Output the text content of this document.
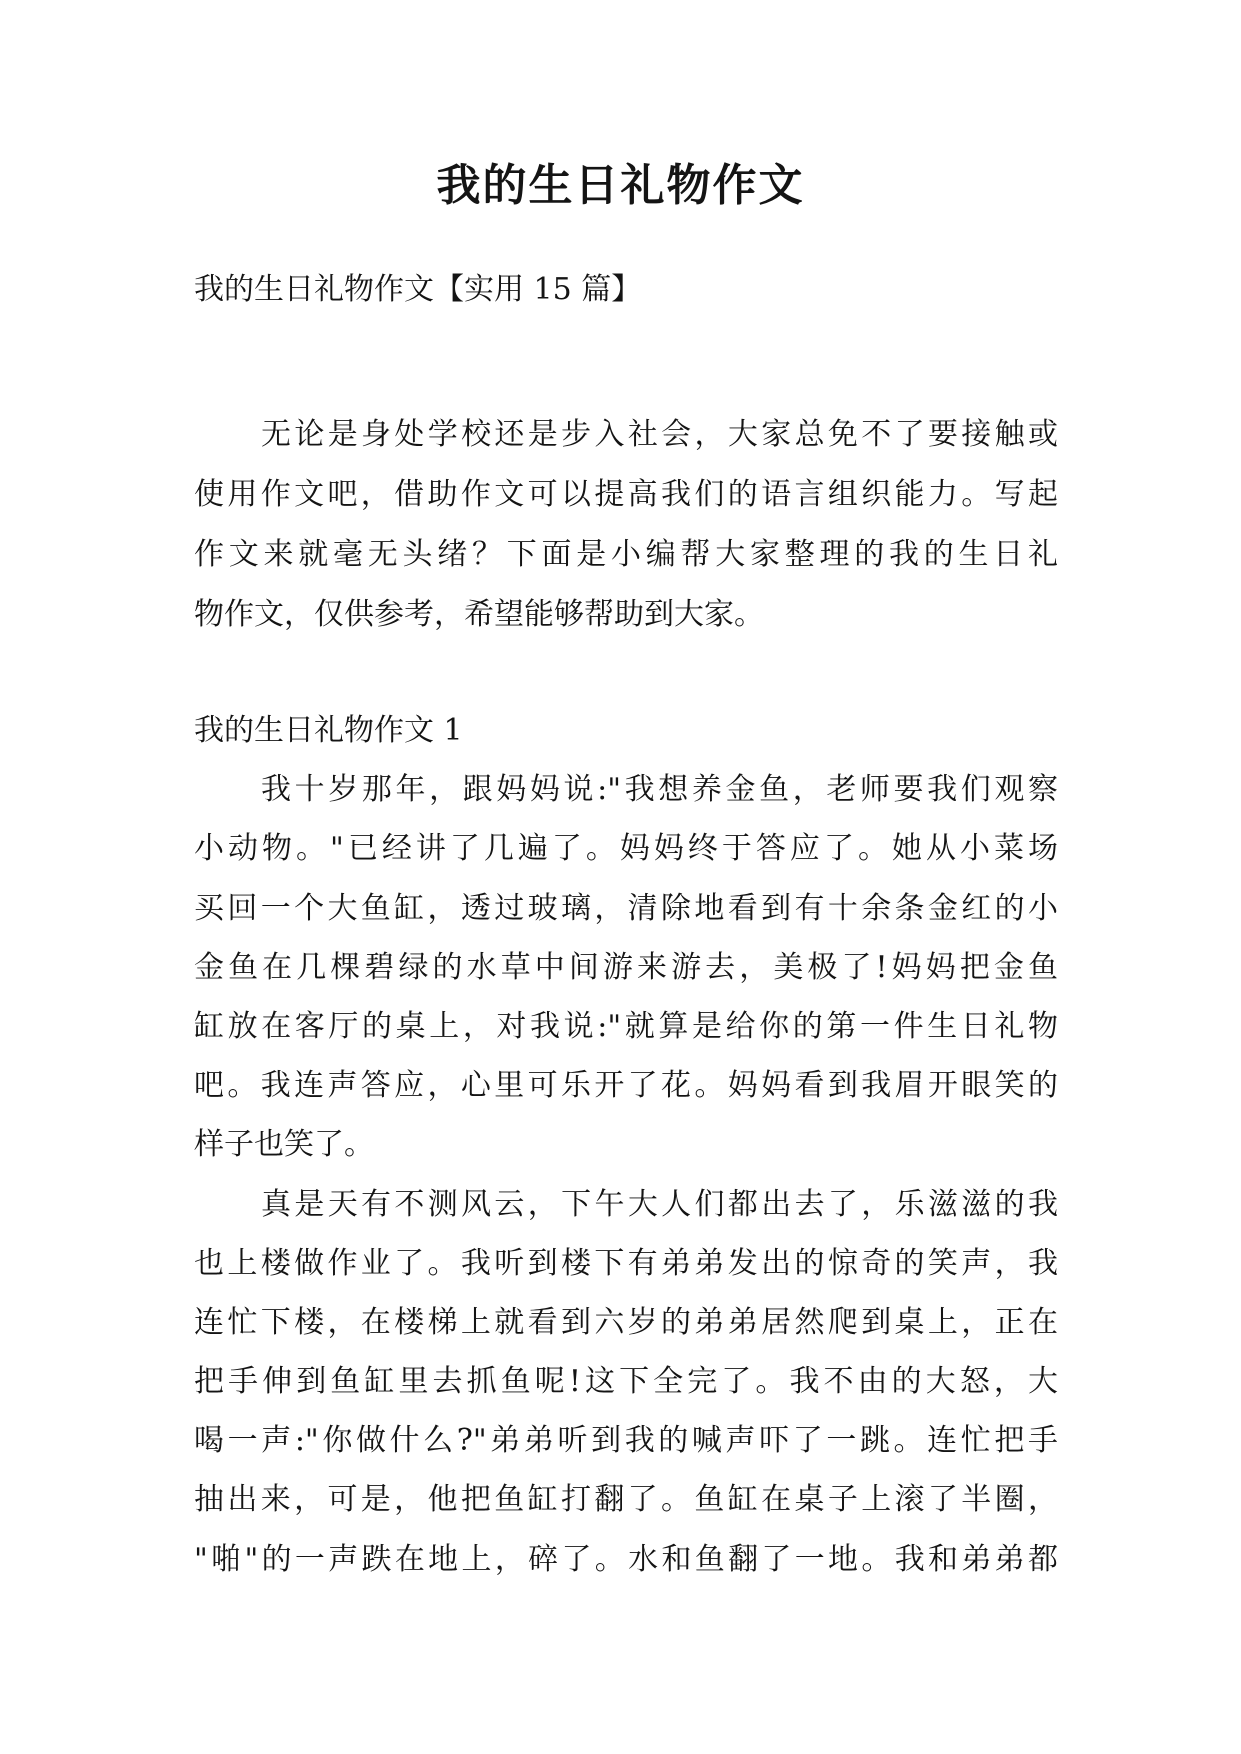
我的生日礼物作文
我的生日礼物作文【实用 15 篇】
无论是身处学校还是步入社会，大家总免不了要接触或
使用作文吧，借助作文可以提高我们的语言组织能力。写起
作文来就毫无头绪？下面是小编帮大家整理的我的生日礼
物作文，仅供参考，希望能够帮助到大家。
我的生日礼物作文 1
我十岁那年，跟妈妈说:"我想养金鱼，老师要我们观察
小动物。"已经讲了几遍了。妈妈终于答应了。她从小菜场
买回一个大鱼缸，透过玻璃，清除地看到有十余条金红的小
金鱼在几棵碧绿的水草中间游来游去，美极了!妈妈把金鱼
缸放在客厅的桌上，对我说:"就算是给你的第一件生日礼物
吧。我连声答应，心里可乐开了花。妈妈看到我眉开眼笑的
样子也笑了。
真是天有不测风云，下午大人们都出去了，乐滋滋的我
也上楼做作业了。我听到楼下有弟弟发出的惊奇的笑声，我
连忙下楼，在楼梯上就看到六岁的弟弟居然爬到桌上，正在
把手伸到鱼缸里去抓鱼呢!这下全完了。我不由的大怒，大
喝一声:"你做什么?"弟弟听到我的喊声吓了一跳。连忙把手
抽出来，可是，他把鱼缸打翻了。鱼缸在桌子上滚了半圈，
"啪"的一声跌在地上，碎了。水和鱼翻了一地。我和弟弟都
